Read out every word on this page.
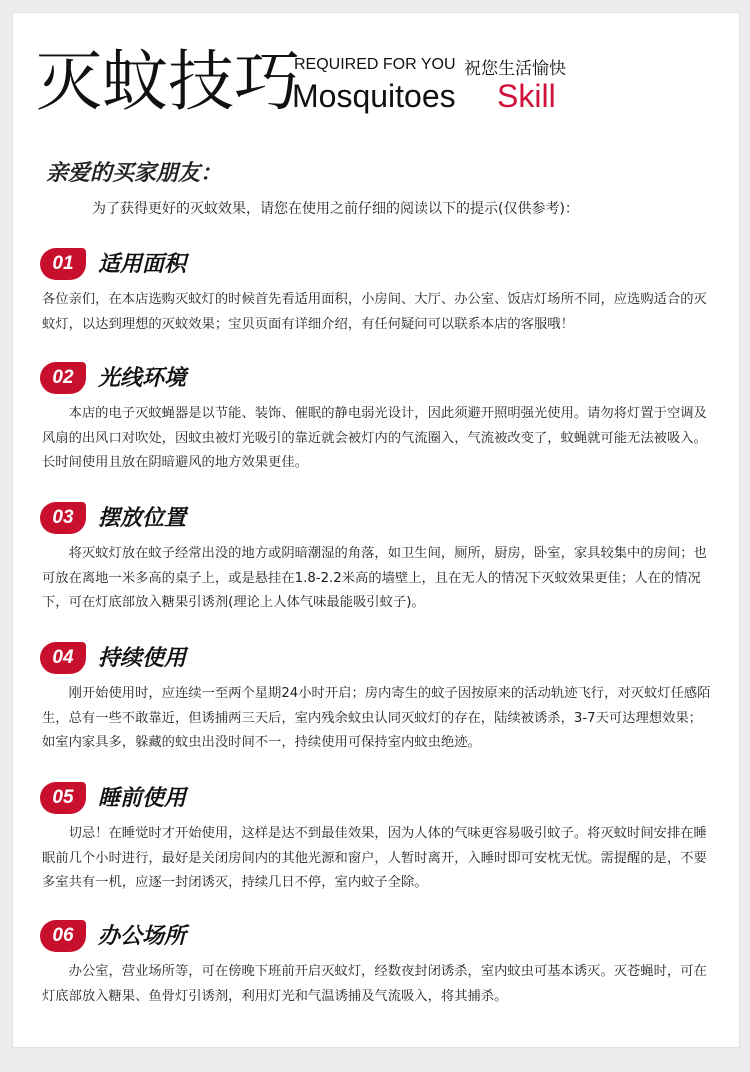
灭蚊技巧
REQUIRED FOR YOU 祝您生活愉快
Mosquitoes Skill
亲爱的买家朋友：
为了获得更好的灭蚊效果，请您在使用之前仔细的阅读以下的提示(仅供参考)：
01	适用面积

各位亲们，在本店选购灭蚊灯的时候首先看适用面积，小房间、大厅、办公室、饭店灯场所不同，应选购适合的灭蚊灯，以达到理想的灭蚊效果；宝贝页面有详细介绍，有任何疑问可以联系本店的客服哦！

02	光线环境

本店的电子灭蚊蝇器是以节能、装饰、催眠的静电弱光设计，因此须避开照明强光使用。请勿将灯置于空调及风扇的出风口对吹处，因蚊虫被灯光吸引的靠近就会被灯内的气流圈入，气流被改变了，蚊蝇就可能无法被吸入。长时间使用且放在阴暗避风的地方效果更佳。

03	摆放位置

将灭蚊灯放在蚊子经常出没的地方或阴暗潮湿的角落，如卫生间，厕所，厨房，卧室，家具较集中的房间；也可放在离地一米多高的桌子上，或是悬挂在1.8-2.2米高的墙壁上，且在无人的情况下灭蚊效果更佳；人在的情况下，可在灯底部放入糖果引诱剂(理论上人体气味最能吸引蚊子)。

04	持续使用

刚开始使用时，应连续一至两个星期24小时开启；房内寄生的蚊子因按原来的活动轨迹飞行，对灭蚊灯任感陌生，总有一些不敢靠近，但诱捕两三天后，室内残余蚊虫认同灭蚊灯的存在，陆续被诱杀，3-7天可达理想效果；如室内家具多，躲藏的蚊虫出没时间不一，持续使用可保持室内蚊虫绝迹。

05	睡前使用

切忌！在睡觉时才开始使用，这样是达不到最佳效果，因为人体的气味更容易吸引蚊子。将灭蚊时间安排在睡眠前几个小时进行，最好是关闭房间内的其他光源和窗户，人暂时离开，入睡时即可安枕无忧。需提醒的是，不要多室共有一机，应逐一封闭诱灭，持续几日不停，室内蚊子全除。

06	办公场所

办公室，营业场所等，可在傍晚下班前开启灭蚊灯，经数夜封闭诱杀，室内蚊虫可基本诱灭。灭苍蝇时，可在灯底部放入糖果、鱼骨灯引诱剂，利用灯光和气温诱捕及气流吸入，将其捕杀。
